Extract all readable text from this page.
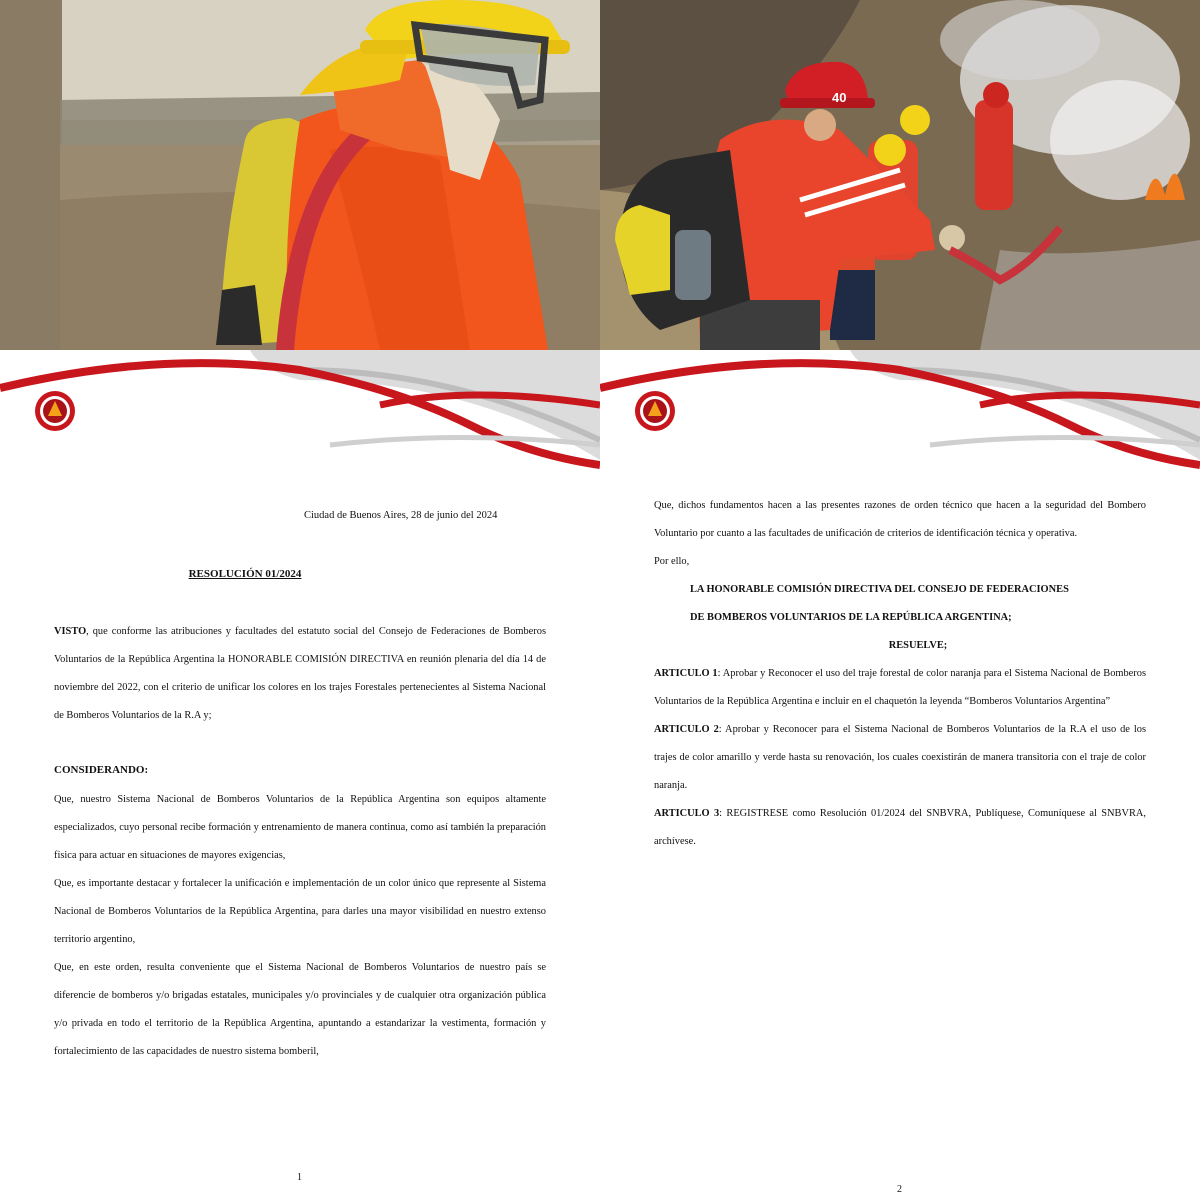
40
Ciudad de Buenos Aires, 28 de junio del 2024
RESOLUCIÓN 01/2024

VISTO, que conforme las atribuciones y facultades del estatuto social del Consejo de Federaciones de Bomberos Voluntarios de la República Argentina la HONORABLE COMISIÓN DIRECTIVA en reunión plenaria del día 14 de noviembre del 2022, con el criterio de unificar los colores en los trajes Forestales pertenecientes al Sistema Nacional de Bomberos Voluntarios de la R.A y;

CONSIDERANDO:

Que, nuestro Sistema Nacional de Bomberos Voluntarios de la República Argentina son equipos altamente especializados, cuyo personal recibe formación y entrenamiento de manera continua, como así también la preparación física para actuar en situaciones de mayores exigencias,

Que, es importante destacar y fortalecer la unificación e implementación de un color único que represente al Sistema Nacional de Bomberos Voluntarios de la República Argentina, para darles una mayor visibilidad en nuestro extenso territorio argentino,

Que, en este orden, resulta conveniente que el Sistema Nacional de Bomberos Voluntarios de nuestro país se diferencie de bomberos y/o brigadas estatales, municipales y/o provinciales y de cualquier otra organización pública y/o privada en todo el territorio de la República Argentina, apuntando a estandarizar la vestimenta, formación y fortalecimiento de las capacidades de nuestro sistema bomberil,

1

Que, dichos fundamentos hacen a las presentes razones de orden técnico que hacen a la seguridad del Bombero Voluntario por cuanto a las facultades de unificación de criterios de identificación técnica y operativa.

Por ello,

LA HONORABLE COMISIÓN DIRECTIVA DEL CONSEJO DE FEDERACIONES

DE BOMBEROS VOLUNTARIOS DE LA REPÚBLICA ARGENTINA;

RESUELVE;

ARTICULO 1: Aprobar y Reconocer el uso del traje forestal de color naranja para el Sistema Nacional de Bomberos Voluntarios de la República Argentina e incluir en el chaquetón la leyenda “Bomberos Voluntarios Argentina”

ARTICULO 2: Aprobar y Reconocer para el Sistema Nacional de Bomberos Voluntarios de la R.A el uso de los trajes de color amarillo y verde hasta su renovación, los cuales coexistirán de manera transitoria con el traje de color naranja.

ARTICULO 3: REGISTRESE como Resolución 01/2024 del SNBVRA, Publíquese, Comuníquese al SNBVRA, archívese.

2
